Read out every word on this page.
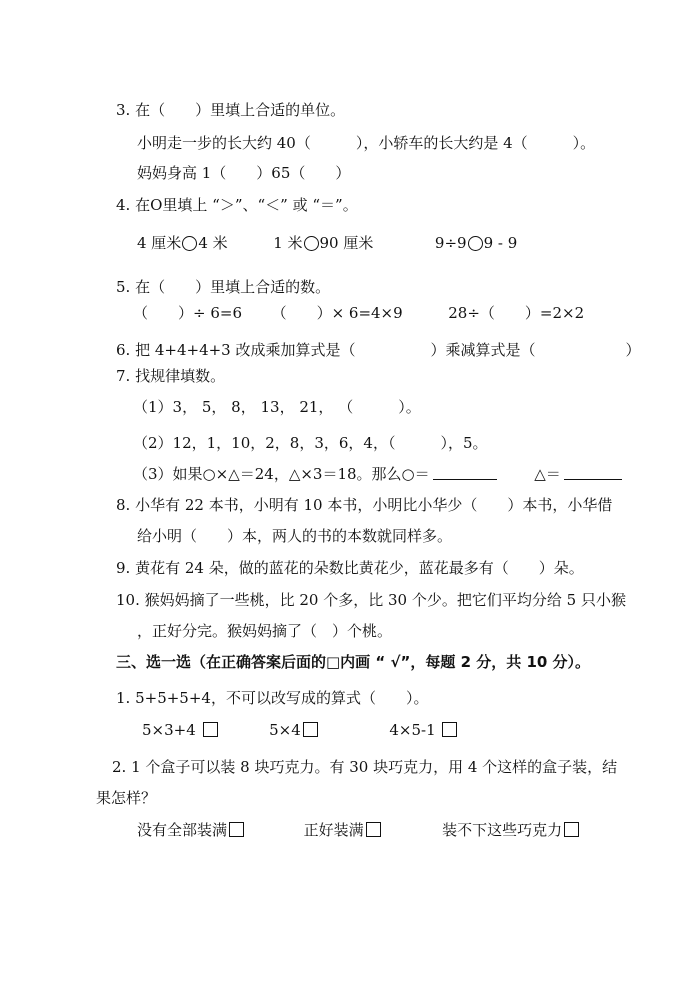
3. 在（　　）里填上合适的单位。
小明走一步的长大约 40（　　　），小轿车的长大约是 4（　　　）。
妈妈身高 1（　　）65（　　）
4. 在O里填上 “＞”、“＜” 或 “＝”。
4 厘米 4 米	1 米 90 厘米	9÷9 9 - 9
5. 在（　　）里填上合适的数。
（　　）÷ 6=6 （　　）× 6=4×9	28÷（　　）=2×2
6. 把 4+4+4+3 改成乘加算式是（　　　　　）乘减算式是（　　　　　　）
7. 找规律填数。
（1）3， 5， 8， 13， 21， （　　　）。
（2）12，1，10，2，8，3，6，4，（　　　），5。
（3）如果○×△＝24，△×3＝18。那么○＝	△＝
8. 小华有 22 本书，小明有 10 本书，小明比小华少（　　）本书，小华借
给小明（　　）本，两人的书的本数就同样多。
9. 黄花有 24 朵，做的蓝花的朵数比黄花少，蓝花最多有（　　）朵。
10. 猴妈妈摘了一些桃，比 20 个多，比 30 个少。把它们平均分给 5 只小猴
，正好分完。猴妈妈摘了（　）个桃。
三、选一选（在正确答案后面的□内画 “ √”，每题 2 分，共 10 分）。
1. 5+5+5+4，不可以改写成的算式（　　）。
5×3+4	5×4	4×5-1
2. 1 个盒子可以装 8 块巧克力。有 30 块巧克力，用 4 个这样的盒子装，结
果怎样？
没有全部装满	正好装满	装不下这些巧克力
